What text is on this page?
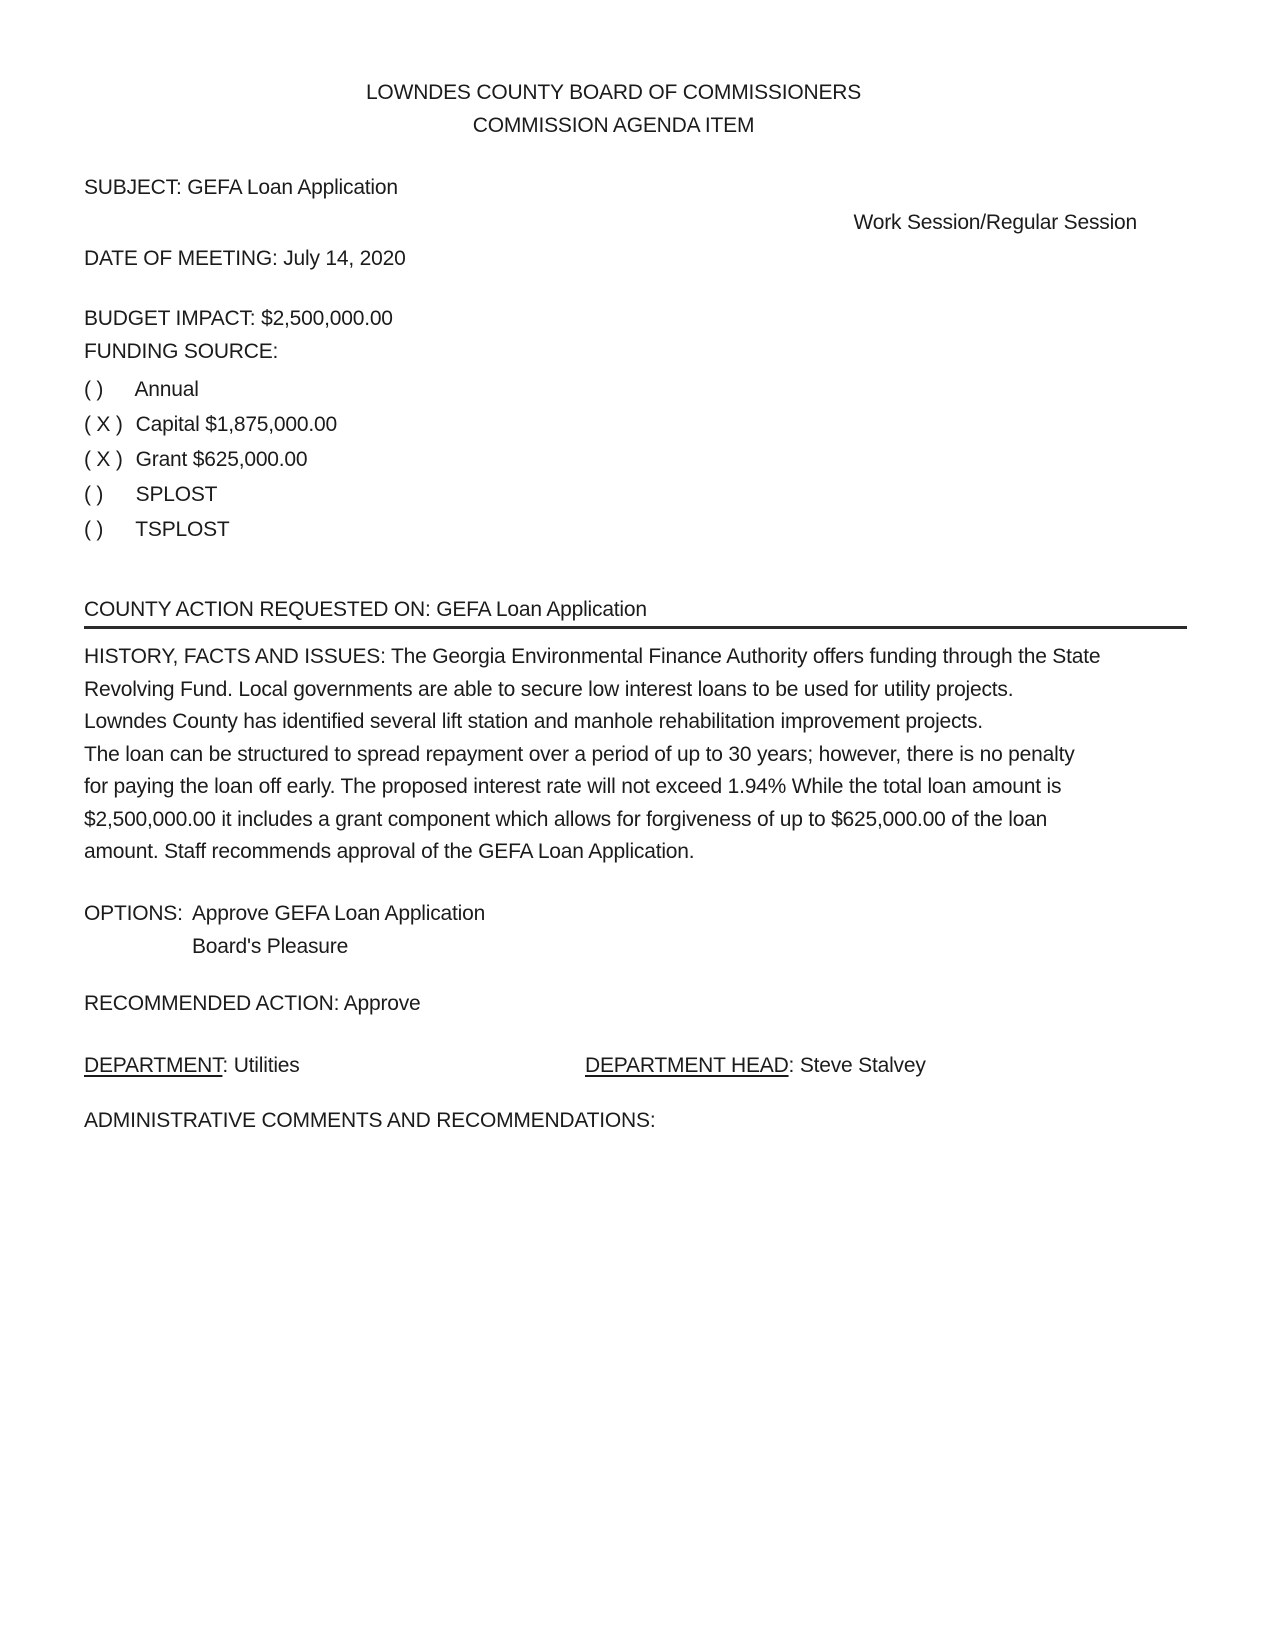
LOWNDES COUNTY BOARD OF COMMISSIONERS
COMMISSION AGENDA ITEM
SUBJECT: GEFA Loan Application
Work Session/Regular Session
DATE OF MEETING: July 14, 2020
BUDGET IMPACT: $2,500,000.00
FUNDING SOURCE:
( ) Annual
( X ) Capital $1,875,000.00
( X ) Grant $625,000.00
( ) SPLOST
( ) TSPLOST
COUNTY ACTION REQUESTED ON: GEFA Loan Application
HISTORY, FACTS AND ISSUES: The Georgia Environmental Finance Authority offers funding through the State
Revolving Fund. Local governments are able to secure low interest loans to be used for utility projects.
Lowndes County has identified several lift station and manhole rehabilitation improvement projects.
The loan can be structured to spread repayment over a period of up to 30 years; however, there is no penalty
for paying the loan off early. The proposed interest rate will not exceed 1.94% While the total loan amount is
$2,500,000.00 it includes a grant component which allows for forgiveness of up to $625,000.00 of the loan
amount. Staff recommends approval of the GEFA Loan Application.
OPTIONS: Approve GEFA Loan Application
Board's Pleasure
RECOMMENDED ACTION: Approve
DEPARTMENT: Utilities	DEPARTMENT HEAD: Steve Stalvey
ADMINISTRATIVE COMMENTS AND RECOMMENDATIONS:
